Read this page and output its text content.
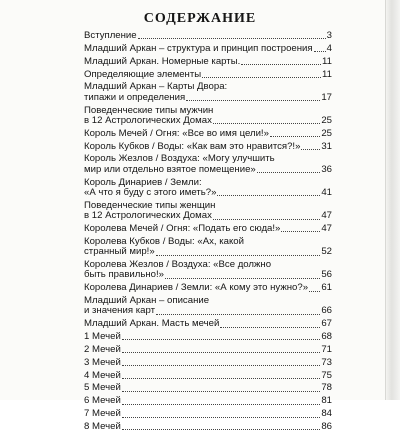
СОДЕРЖАНИЕ
Вступление	3
Младший Аркан – структура и принцип построения 4
Младший Аркан. Номерные карты.	11
Определяющие элементы	11
Младший Аркан – Карты Двора:
типажи и определения	17
Поведенческие типы мужчин
в 12 Астрологических Домах	25
Король Мечей / Огня: «Все во имя цели!»	25
Король Кубков / Воды: «Как вам это нравится?!» 31
Король Жезлов / Воздуха: «Могу улучшить
мир или отдельно взятое помещение»	36
Король Динариев / Земли:
«А что я буду с этого иметь?»	41
Поведенческие типы женщин
в 12 Астрологических Домах	47
Королева Мечей / Огня: «Подать его сюда!»	47
Королева Кубков / Воды: «Ах, какой
странный мир!»	52
Королева Жезлов / Воздуха: «Все должно
быть правильно!»	56
Королева Динариев / Земли: «А кому это нужно?» 61
Младший Аркан – описание
и значения карт	66
Младший Аркан. Масть мечей	67
1 Мечей	68
2 Мечей	71
3 Мечей	73
4 Мечей	75
5 Мечей	78
6 Мечей	81
7 Мечей	84
8 Мечей	86
